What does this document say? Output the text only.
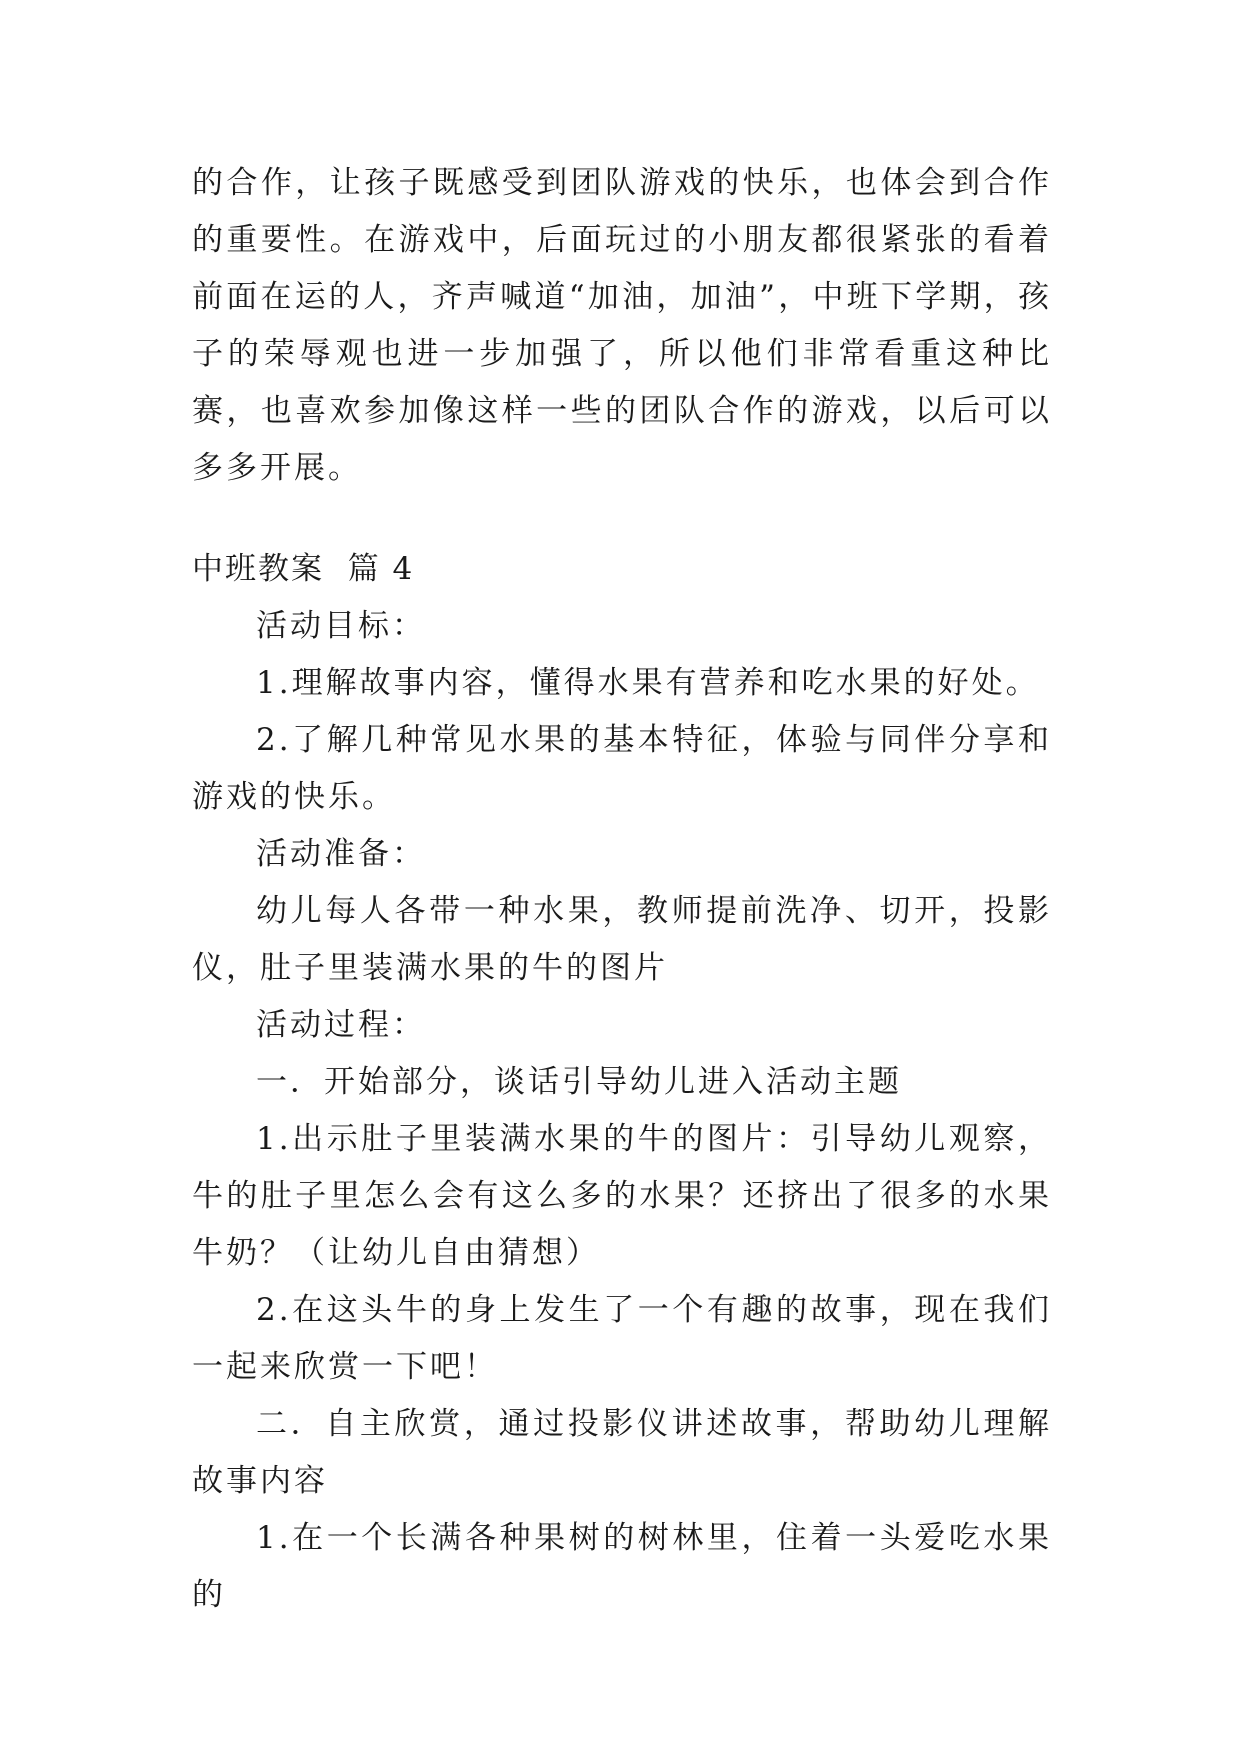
的合作，让孩子既感受到团队游戏的快乐，也体会到合作的重要性。在游戏中，后面玩过的小朋友都很紧张的看着前面在运的人，齐声喊道“加油，加油”，中班下学期，孩子的荣辱观也进一步加强了，所以他们非常看重这种比赛，也喜欢参加像这样一些的团队合作的游戏，以后可以多多开展。

中班教案  篇 4

活动目标：

1.理解故事内容，懂得水果有营养和吃水果的好处。

2.了解几种常见水果的基本特征，体验与同伴分享和游戏的快乐。

活动准备：

幼儿每人各带一种水果，教师提前洗净、切开，投影仪，肚子里装满水果的牛的图片

活动过程：

一．开始部分，谈话引导幼儿进入活动主题

1.出示肚子里装满水果的牛的图片：引导幼儿观察，牛的肚子里怎么会有这么多的水果？还挤出了很多的水果牛奶？（让幼儿自由猜想）

2.在这头牛的身上发生了一个有趣的故事，现在我们一起来欣赏一下吧！

二．自主欣赏，通过投影仪讲述故事，帮助幼儿理解故事内容

1.在一个长满各种果树的树林里，住着一头爱吃水果的
